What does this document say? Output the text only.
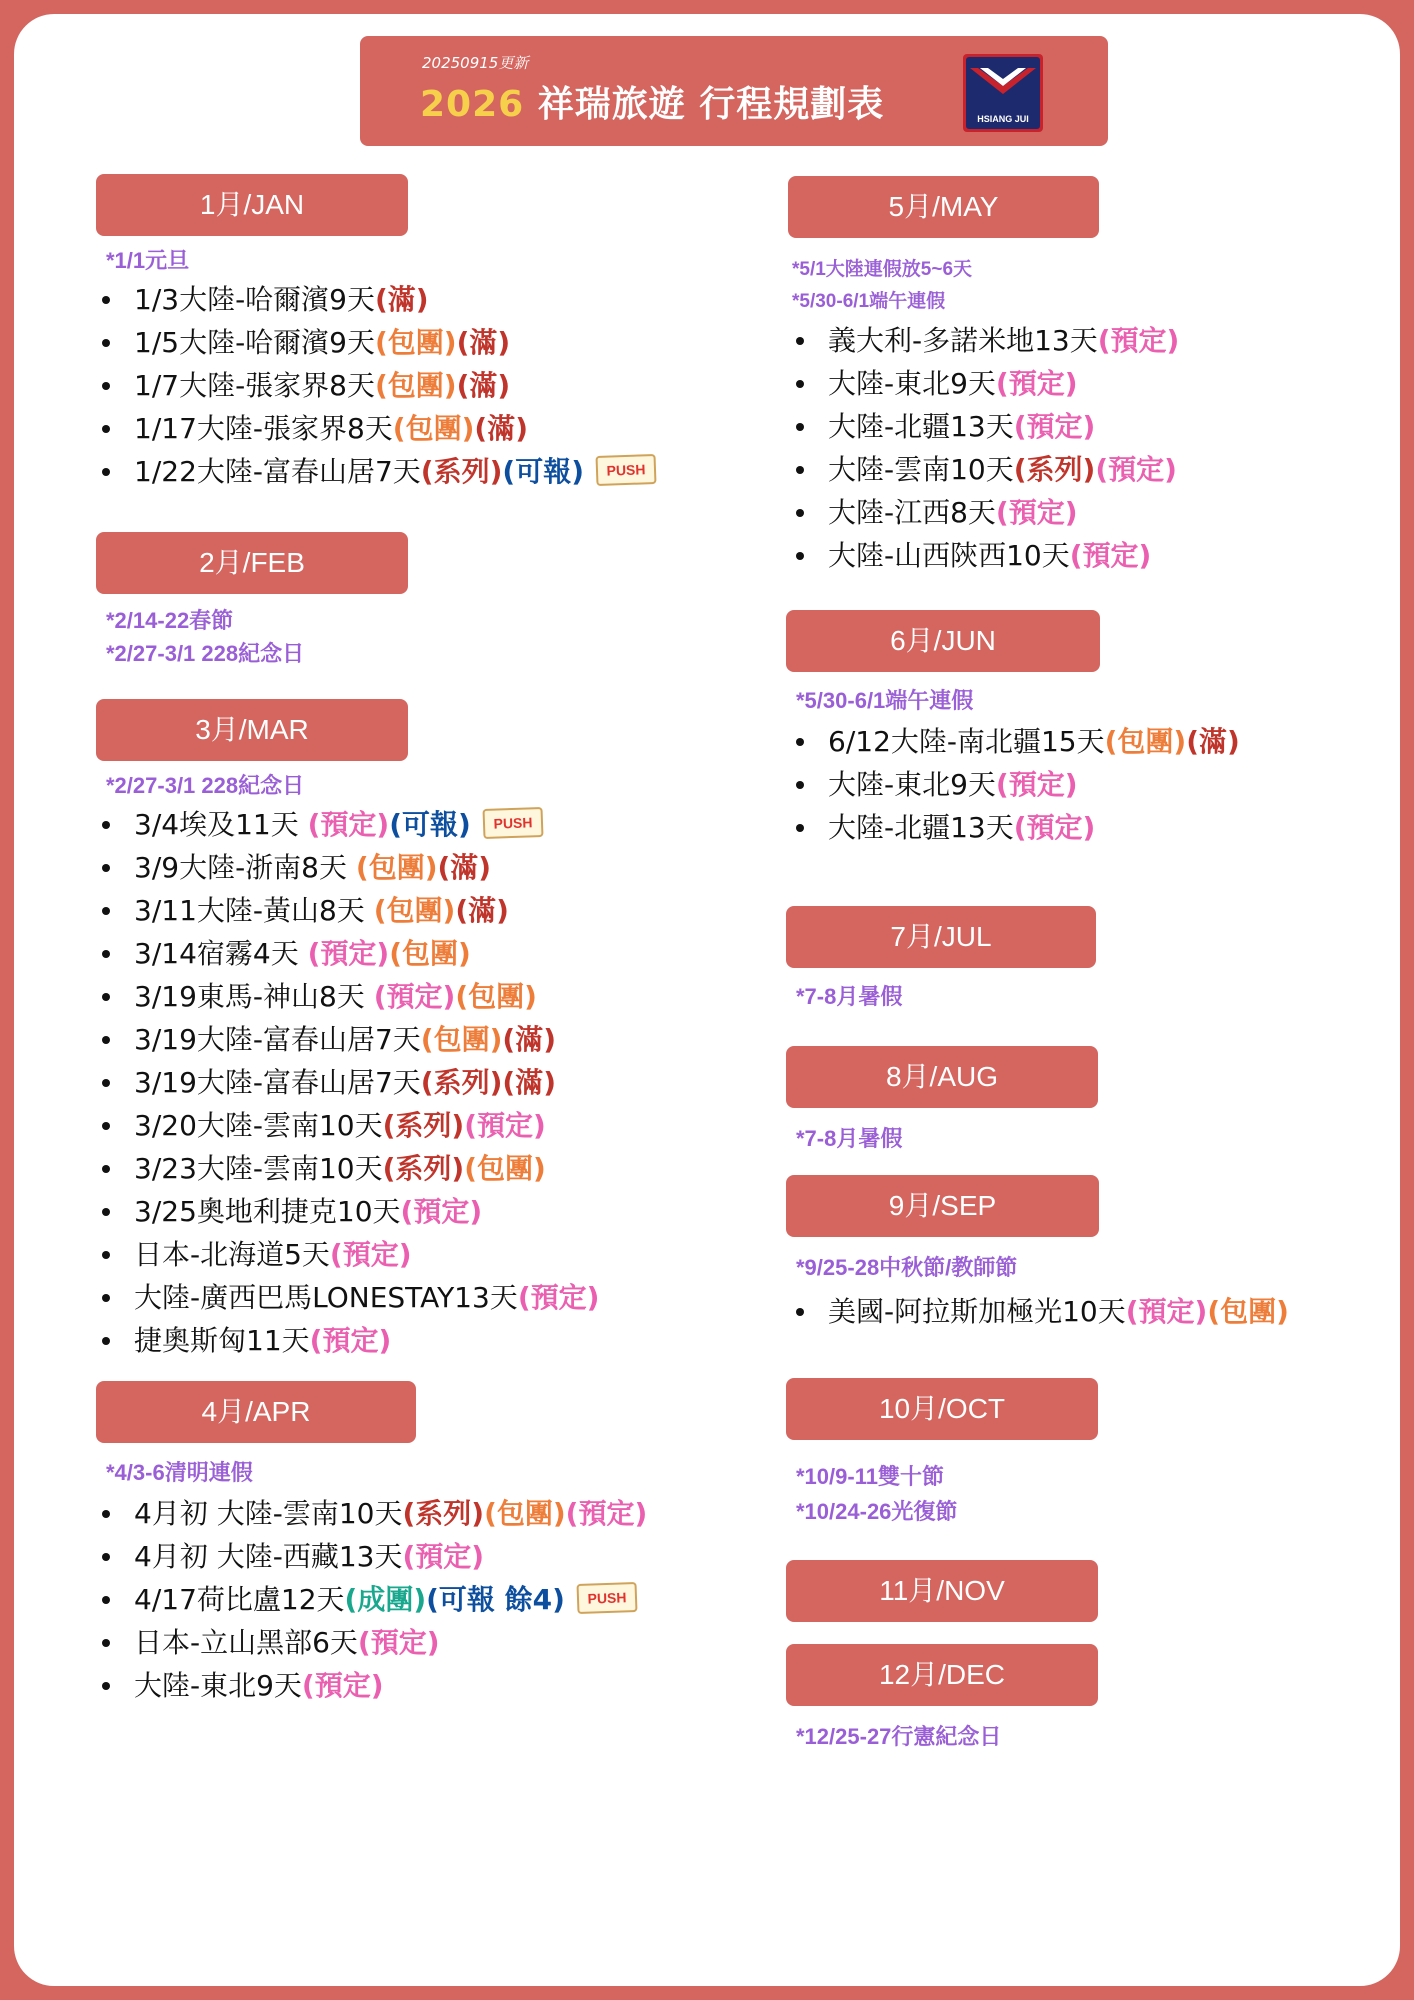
20250915更新
2026 祥瑞旅遊 行程規劃表	HSIANG JUI
1月/JAN
*1/1元旦
1/3大陸-哈爾濱9天(滿)
1/5大陸-哈爾濱9天(包團)(滿)
1/7大陸-張家界8天(包團)(滿)
1/17大陸-張家界8天(包團)(滿)
1/22大陸-富春山居7天(系列)(可報) PUSH
2月/FEB
*2/14-22春節
*2/27-3/1 228紀念日
3月/MAR
*2/27-3/1 228紀念日
3/4埃及11天 (預定)(可報) PUSH
3/9大陸-浙南8天 (包團)(滿)
3/11大陸-黃山8天 (包團)(滿)
3/14宿霧4天 (預定)(包團)
3/19東馬-神山8天 (預定)(包團)
3/19大陸-富春山居7天(包團)(滿)
3/19大陸-富春山居7天(系列)(滿)
3/20大陸-雲南10天(系列)(預定)
3/23大陸-雲南10天(系列)(包團)
3/25奧地利捷克10天(預定)
日本-北海道5天(預定)
大陸-廣西巴馬LONESTAY13天(預定)
捷奧斯匈11天(預定)
4月/APR
*4/3-6清明連假
4月初 大陸-雲南10天(系列)(包團)(預定)
4月初 大陸-西藏13天(預定)
4/17荷比盧12天(成團)(可報 餘4) PUSH
日本-立山黑部6天(預定)
大陸-東北9天(預定)
5月/MAY
*5/1大陸連假放5~6天
*5/30-6/1端午連假
義大利-多諾米地13天(預定)
大陸-東北9天(預定)
大陸-北疆13天(預定)
大陸-雲南10天(系列)(預定)
大陸-江西8天(預定)
大陸-山西陝西10天(預定)
6月/JUN
*5/30-6/1端午連假
6/12大陸-南北疆15天(包團)(滿)
大陸-東北9天(預定)
大陸-北疆13天(預定)
7月/JUL
*7-8月暑假
8月/AUG
*7-8月暑假
9月/SEP
*9/25-28中秋節/教師節
美國-阿拉斯加極光10天(預定)(包團)
10月/OCT
*10/9-11雙十節
*10/24-26光復節
11月/NOV
12月/DEC
*12/25-27行憲紀念日
